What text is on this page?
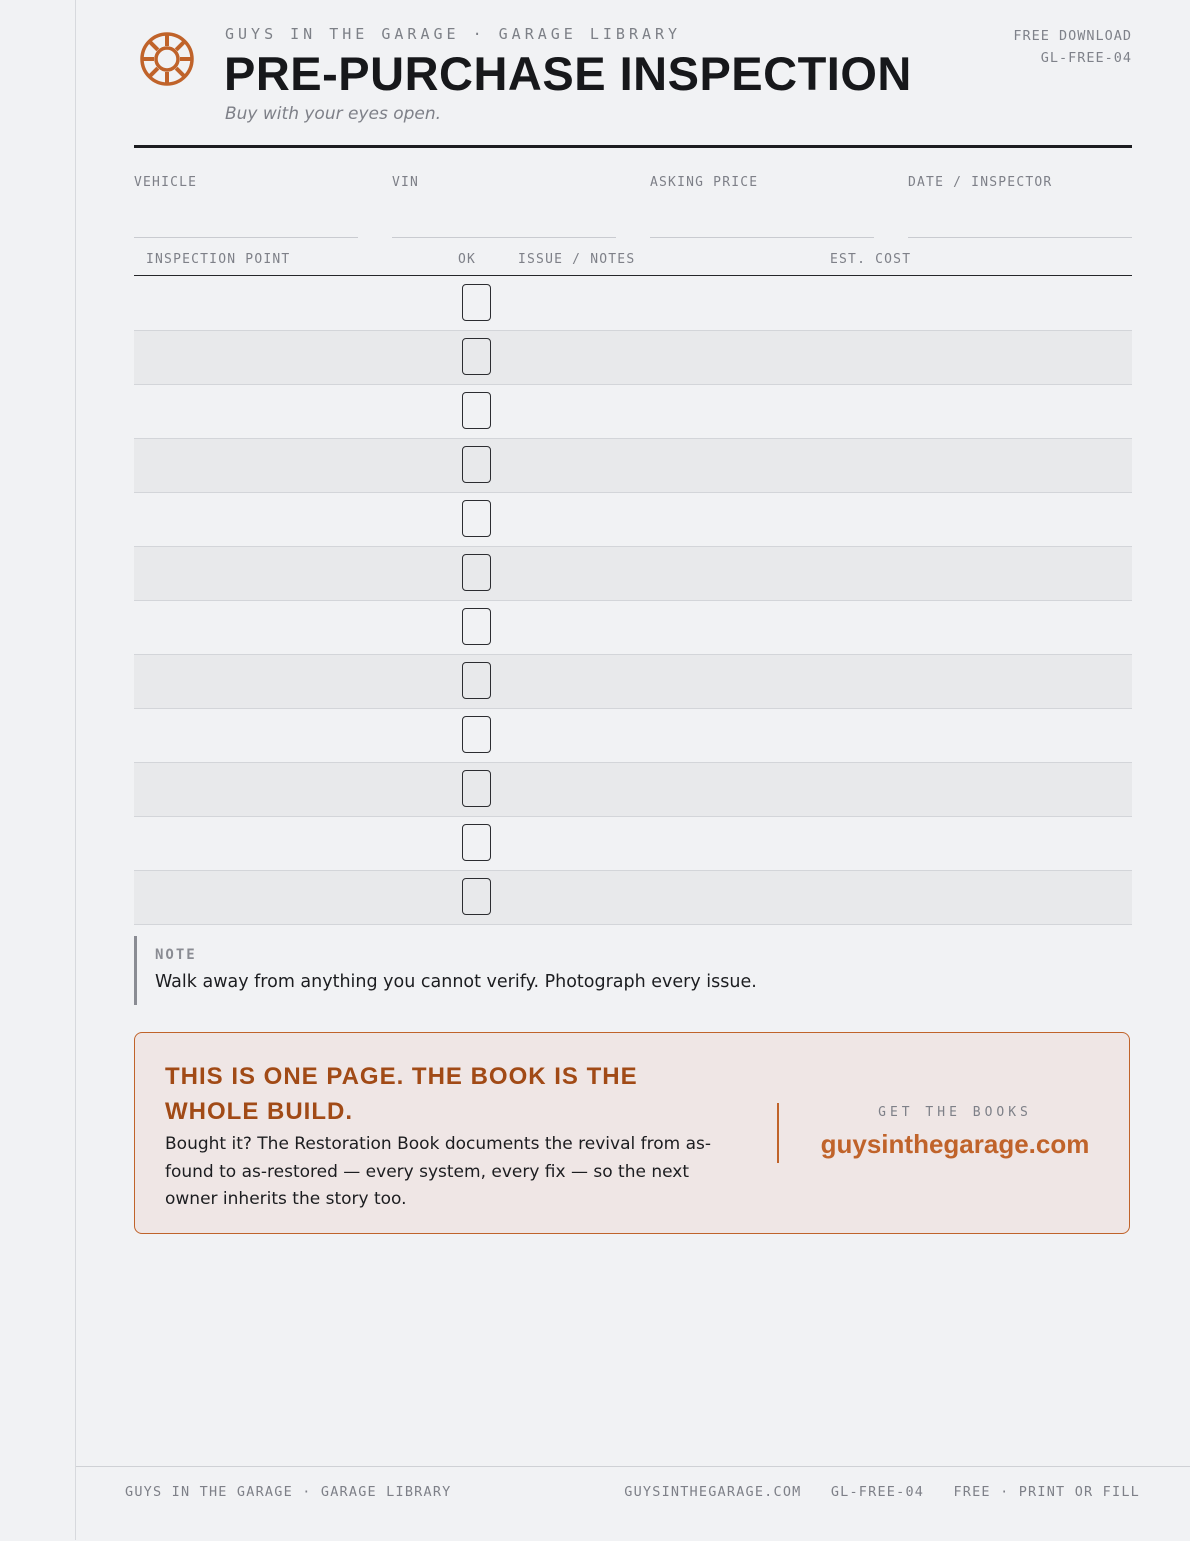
GUYS IN THE GARAGE · GARAGE LIBRARY
PRE-PURCHASE INSPECTION
Buy with your eyes open.
FREE DOWNLOAD
GL-FREE-04
VEHICLE	VIN	ASKING PRICE	DATE / INSPECTOR
INSPECTION POINT	OK	ISSUE / NOTES	EST. COST
NOTE
Walk away from anything you cannot verify. Photograph every issue.
THIS IS ONE PAGE. THE BOOK IS THE WHOLE BUILD.
Bought it? The Restoration Book documents the revival from as-found to as-restored — every system, every fix — so the next owner inherits the story too.
GET THE BOOKS
guysinthegarage.com
GUYS IN THE GARAGE · GARAGE LIBRARY	GUYSINTHEGARAGE.COM GL-FREE-04 FREE · PRINT OR FILL
